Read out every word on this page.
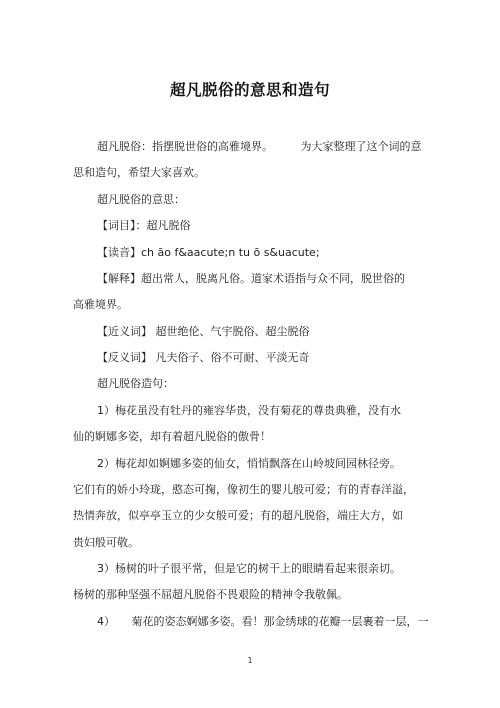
超凡脱俗的意思和造句
超凡脱俗：指摆脱世俗的高雅境界。　　　为大家整理了这个词的意
思和造句，希望大家喜欢。
超凡脱俗的意思：
【词目】：超凡脱俗
【读音】ch āo f&aacute;n tu ō s&uacute;
【解释】超出常人，脱离凡俗。道家术语指与众不同，脱世俗的
高雅境界。
【近义词】 超世绝伦、气宇脱俗、超尘脱俗
【反义词】 凡夫俗子、俗不可耐、平淡无奇
超凡脱俗造句：
1）梅花虽没有牡丹的雍容华贵，没有菊花的尊贵典雅，没有水
仙的婀娜多姿，却有着超凡脱俗的傲骨！
2）梅花却如婀娜多姿的仙女，悄悄飘落在山岭坡间园林径旁。
它们有的娇小玲珑，憨态可掬，像初生的婴儿般可爱；有的青春洋溢，
热情奔放，似亭亭玉立的少女般可爱；有的超凡脱俗，端庄大方，如
贵妇般可敬。
3）杨树的叶子很平常，但是它的树干上的眼睛看起来很亲切。
杨树的那种坚强不屈超凡脱俗不畏艰险的精神令我敬佩。
4）　　菊花的姿态婀娜多姿。看！那金绣球的花瓣一层裹着一层，一
1
